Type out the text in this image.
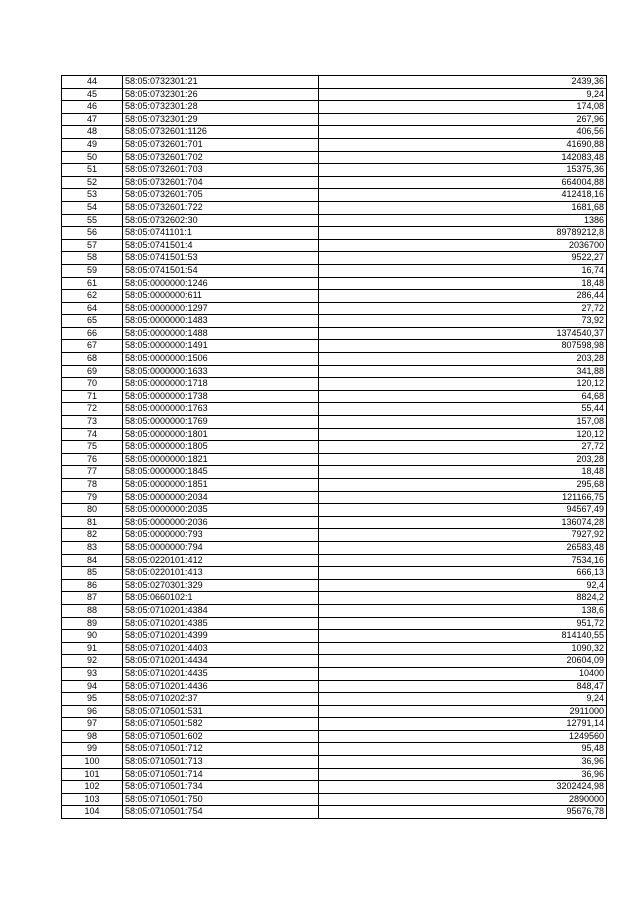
44	58:05:0732301:21	2439,36
45	58:05:0732301:26	9,24
46	58:05:0732301:28	174,08
47	58:05:0732301:29	267,96
48	58:05:0732601:1126	406,56
49	58:05:0732601:701	41690,88
50	58:05:0732601:702	142083,48
51	58:05:0732601:703	15375,36
52	58:05:0732601:704	664004,88
53	58:05:0732601:705	412418,16
54	58:05:0732601:722	1681,68
55	58:05:0732602:30	1386
56	58:05:0741101:1	89789212,8
57	58:05:0741501:4	2036700
58	58:05:0741501:53	9522,27
59	58:05:0741501:54	16,74
61	58:05:0000000:1246	18,48
62	58:05:0000000:611	286,44
64	58:05:0000000:1297	27,72
65	58:05:0000000:1483	73,92
66	58:05:0000000:1488	1374540,37
67	58:05:0000000:1491	807598,98
68	58:05:0000000:1506	203,28
69	58:05:0000000:1633	341,88
70	58:05:0000000:1718	120,12
71	58:05:0000000:1738	64,68
72	58:05:0000000:1763	55,44
73	58:05:0000000:1769	157,08
74	58:05:0000000:1801	120,12
75	58:05:0000000:1805	27,72
76	58:05:0000000:1821	203,28
77	58:05:0000000:1845	18,48
78	58:05:0000000:1851	295,68
79	58:05:0000000:2034	121166,75
80	58:05:0000000:2035	94567,49
81	58:05:0000000:2036	136074,28
82	58:05:0000000:793	7927,92
83	58:05:0000000:794	26583,48
84	58:05:0220101:412	7534,16
85	58:05:0220101:413	666,13
86	58:05:0270301:329	92,4
87	58:05:0660102:1	8824,2
88	58:05:0710201:4384	138,6
89	58:05:0710201:4385	951,72
90	58:05:0710201:4399	814140,55
91	58:05:0710201:4403	1090,32
92	58:05:0710201:4434	20604,09
93	58:05:0710201:4435	10400
94	58:05:0710201:4436	848,47
95	58:05:0710202:37	9,24
96	58:05:0710501:531	2911000
97	58:05:0710501:582	12791,14
98	58:05:0710501:602	1249560
99	58:05:0710501:712	95,48
100	58:05:0710501:713	36,96
101	58:05:0710501:714	36,96
102	58:05:0710501:734	3202424,98
103	58:05:0710501:750	2890000
104	58:05:0710501:754	95676,78
